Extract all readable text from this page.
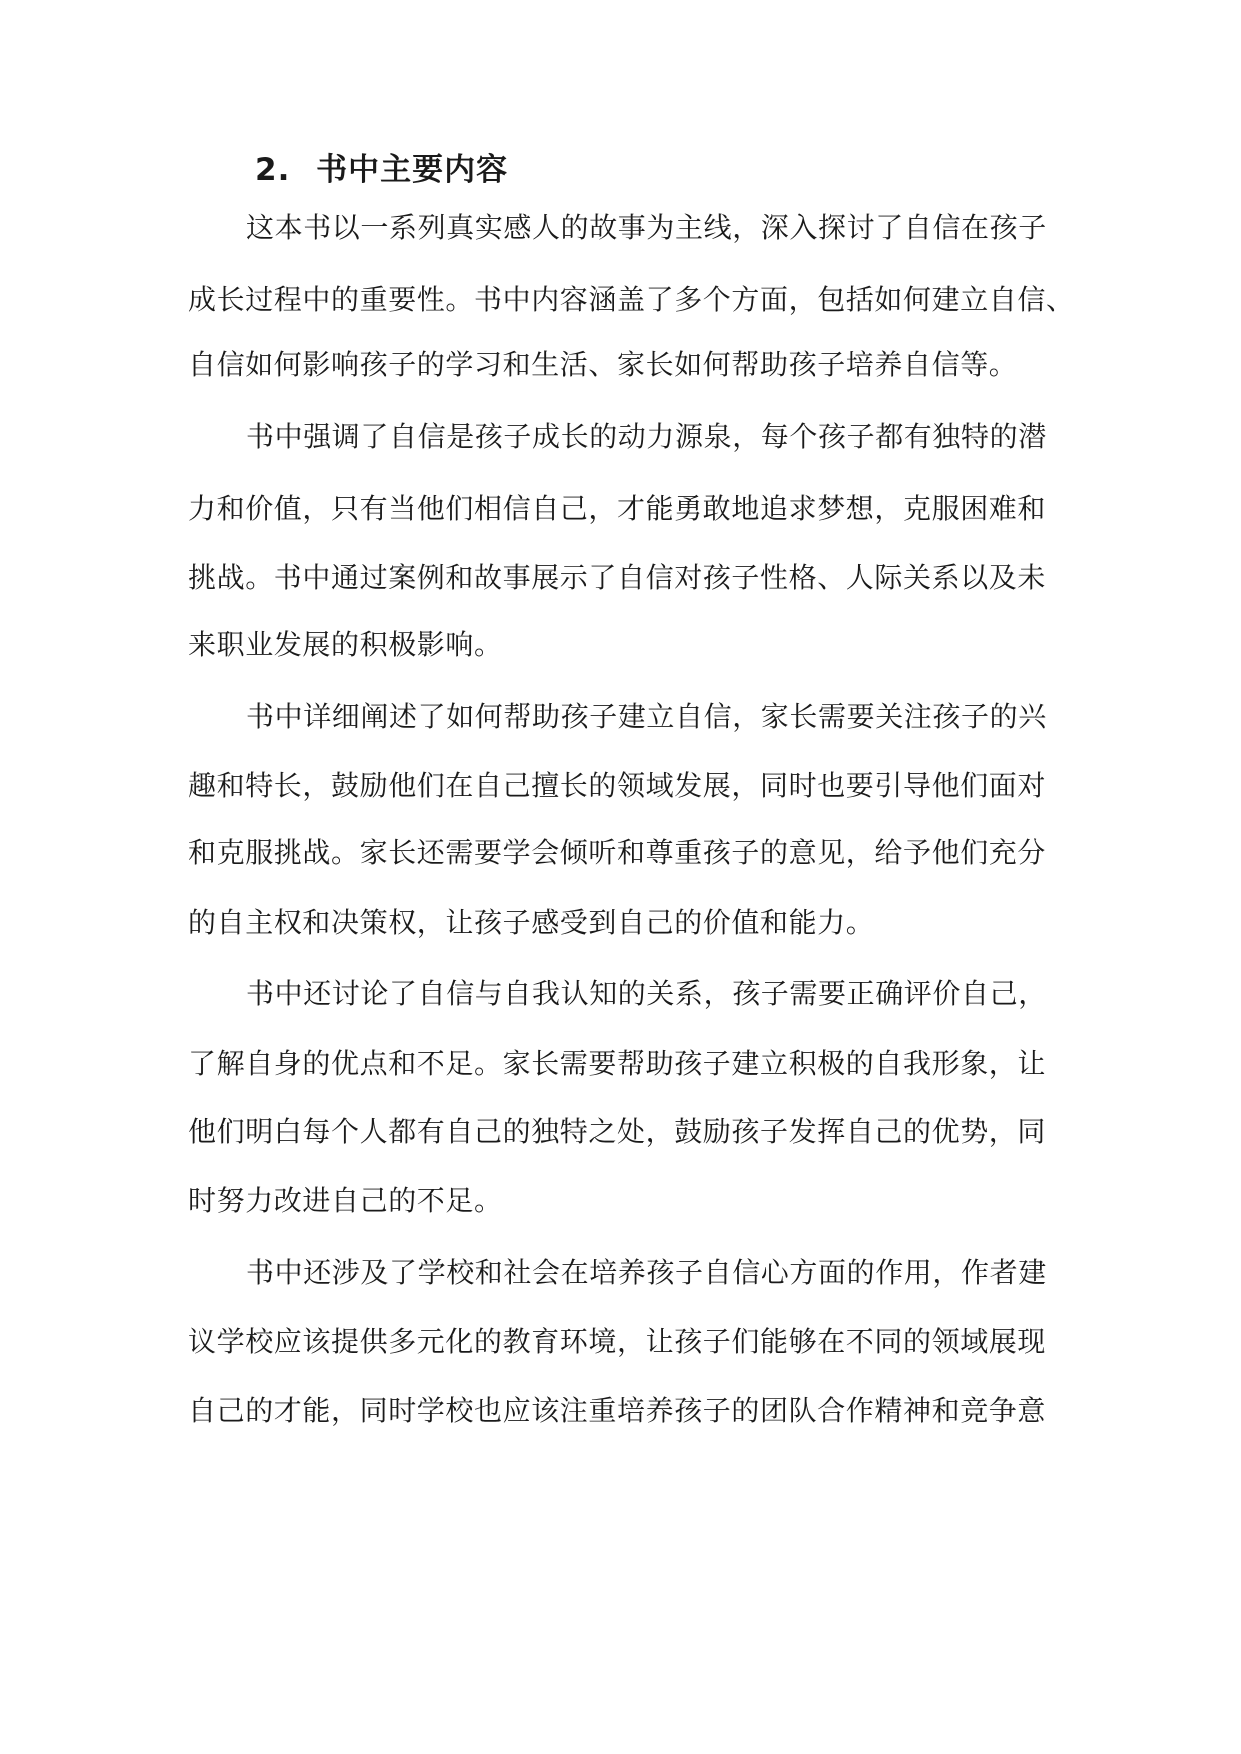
2. 书中主要内容
这本书以一系列真实感人的故事为主线，深入探讨了自信在孩子
成长过程中的重要性。书中内容涵盖了多个方面，包括如何建立自信、
自信如何影响孩子的学习和生活、家长如何帮助孩子培养自信等。
书中强调了自信是孩子成长的动力源泉，每个孩子都有独特的潜
力和价值，只有当他们相信自己，才能勇敢地追求梦想，克服困难和
挑战。书中通过案例和故事展示了自信对孩子性格、人际关系以及未
来职业发展的积极影响。
书中详细阐述了如何帮助孩子建立自信，家长需要关注孩子的兴
趣和特长，鼓励他们在自己擅长的领域发展，同时也要引导他们面对
和克服挑战。家长还需要学会倾听和尊重孩子的意见，给予他们充分
的自主权和决策权，让孩子感受到自己的价值和能力。
书中还讨论了自信与自我认知的关系，孩子需要正确评价自己，
了解自身的优点和不足。家长需要帮助孩子建立积极的自我形象，让
他们明白每个人都有自己的独特之处，鼓励孩子发挥自己的优势，同
时努力改进自己的不足。
书中还涉及了学校和社会在培养孩子自信心方面的作用，作者建
议学校应该提供多元化的教育环境，让孩子们能够在不同的领域展现
自己的才能，同时学校也应该注重培养孩子的团队合作精神和竞争意
